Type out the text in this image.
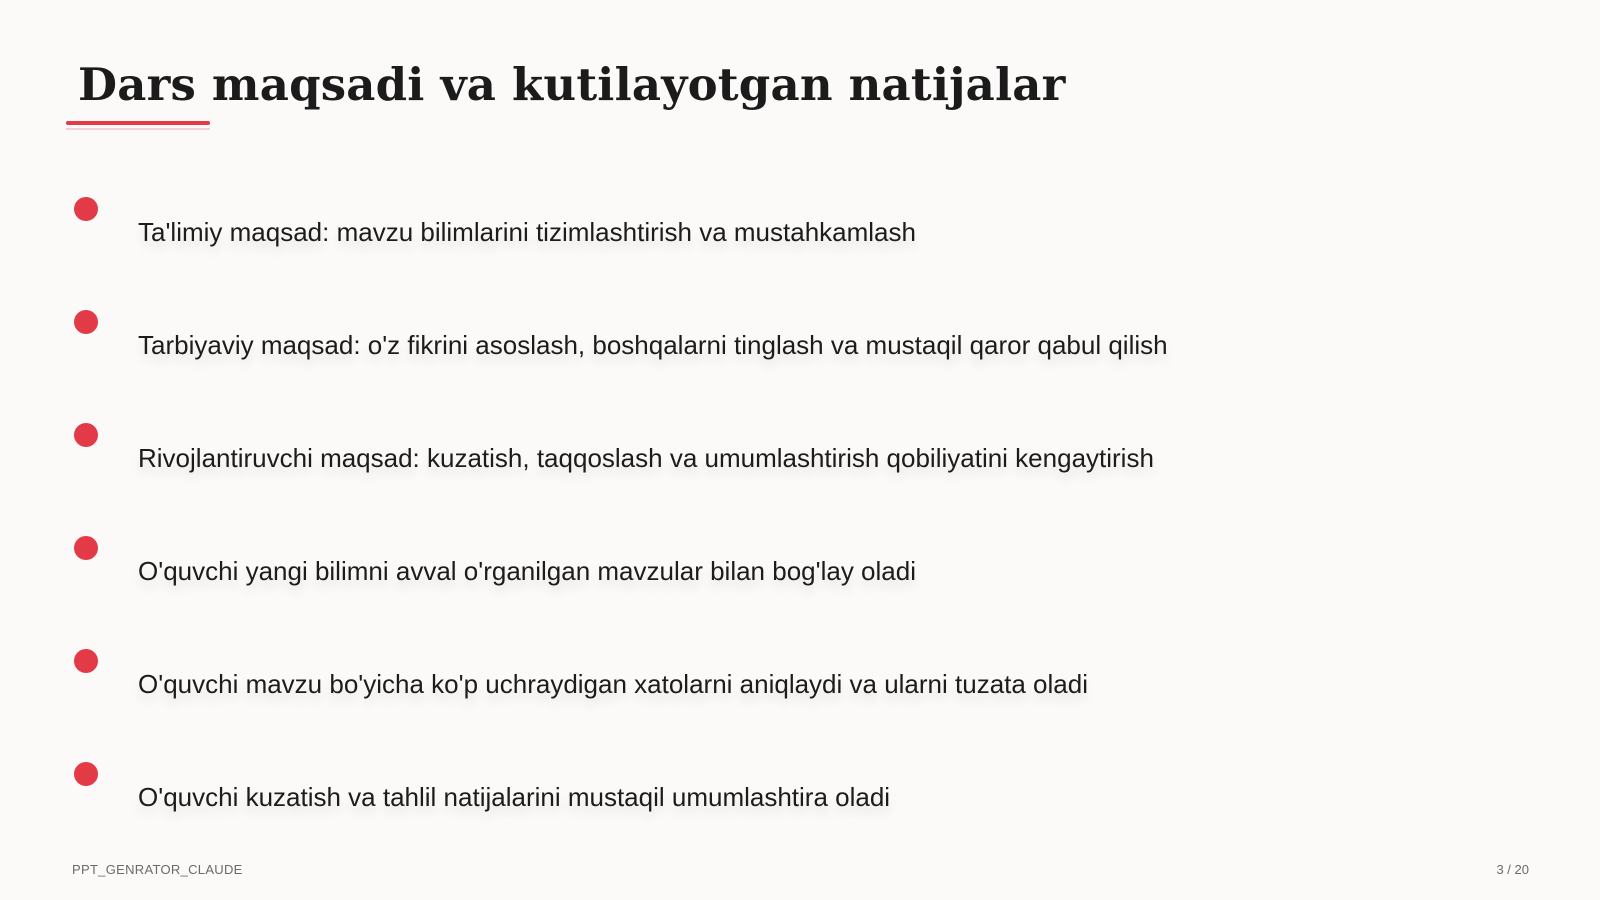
Dars maqsadi va kutilayotgan natijalar
Ta'limiy maqsad: mavzu bilimlarini tizimlashtirish va mustahkamlash
Tarbiyaviy maqsad: o'z fikrini asoslash, boshqalarni tinglash va mustaqil qaror qabul qilish
Rivojlantiruvchi maqsad: kuzatish, taqqoslash va umumlashtirish qobiliyatini kengaytirish
O'quvchi yangi bilimni avval o'rganilgan mavzular bilan bog'lay oladi
O'quvchi mavzu bo'yicha ko'p uchraydigan xatolarni aniqlaydi va ularni tuzata oladi
O'quvchi kuzatish va tahlil natijalarini mustaqil umumlashtira oladi
PPT_GENRATOR_CLAUDE	3 / 20
